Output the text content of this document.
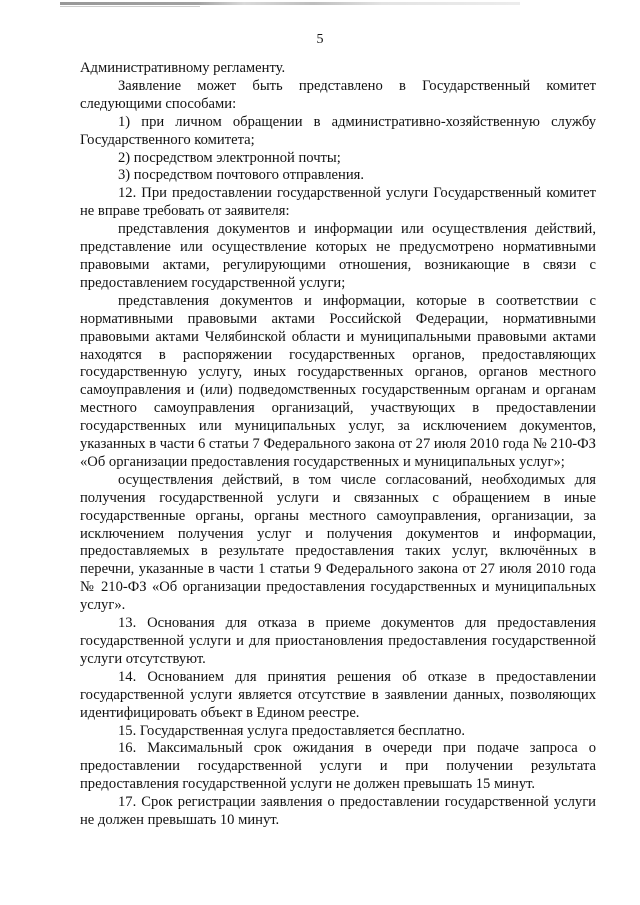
5

Административному регламенту.

Заявление может быть представлено в Государственный комитет следующими способами:

1) при личном обращении в административно-хозяйственную службу Государственного комитета;

2) посредством электронной почты;

3) посредством почтового отправления.

12. При предоставлении государственной услуги Государственный комитет не вправе требовать от заявителя:

представления документов и информации или осуществления действий, представление или осуществление которых не предусмотрено нормативными правовыми актами, регулирующими отношения, возникающие в связи с предоставлением государственной услуги;

представления документов и информации, которые в соответствии с нормативными правовыми актами Российской Федерации, нормативными правовыми актами Челябинской области и муниципальными правовыми актами находятся в распоряжении государственных органов, предоставляющих государственную услугу, иных государственных органов, органов местного самоуправления и (или) подведомственных государственным органам и органам местного самоуправления организаций, участвующих в предоставлении государственных или муниципальных услуг, за исключением документов, указанных в части 6 статьи 7 Федерального закона от 27 июля 2010 года № 210-ФЗ «Об организации предоставления государственных и муниципальных услуг»;

осуществления действий, в том числе согласований, необходимых для получения государственной услуги и связанных с обращением в иные государственные органы, органы местного самоуправления, организации, за исключением получения услуг и получения документов и информации, предоставляемых в результате предоставления таких услуг, включённых в перечни, указанные в части 1 статьи 9 Федерального закона от 27 июля 2010 года № 210-ФЗ «Об организации предоставления государственных и муниципальных услуг».

13. Основания для отказа в приеме документов для предоставления государственной услуги и для приостановления предоставления государственной услуги отсутствуют.

14. Основанием для принятия решения об отказе в предоставлении государственной услуги является отсутствие в заявлении данных, позволяющих идентифицировать объект в Едином реестре.

15. Государственная услуга предоставляется бесплатно.

16. Максимальный срок ожидания в очереди при подаче запроса о предоставлении государственной услуги и при получении результата предоставления государственной услуги не должен превышать 15 минут.

17. Срок регистрации заявления о предоставлении государственной услуги не должен превышать 10 минут.
